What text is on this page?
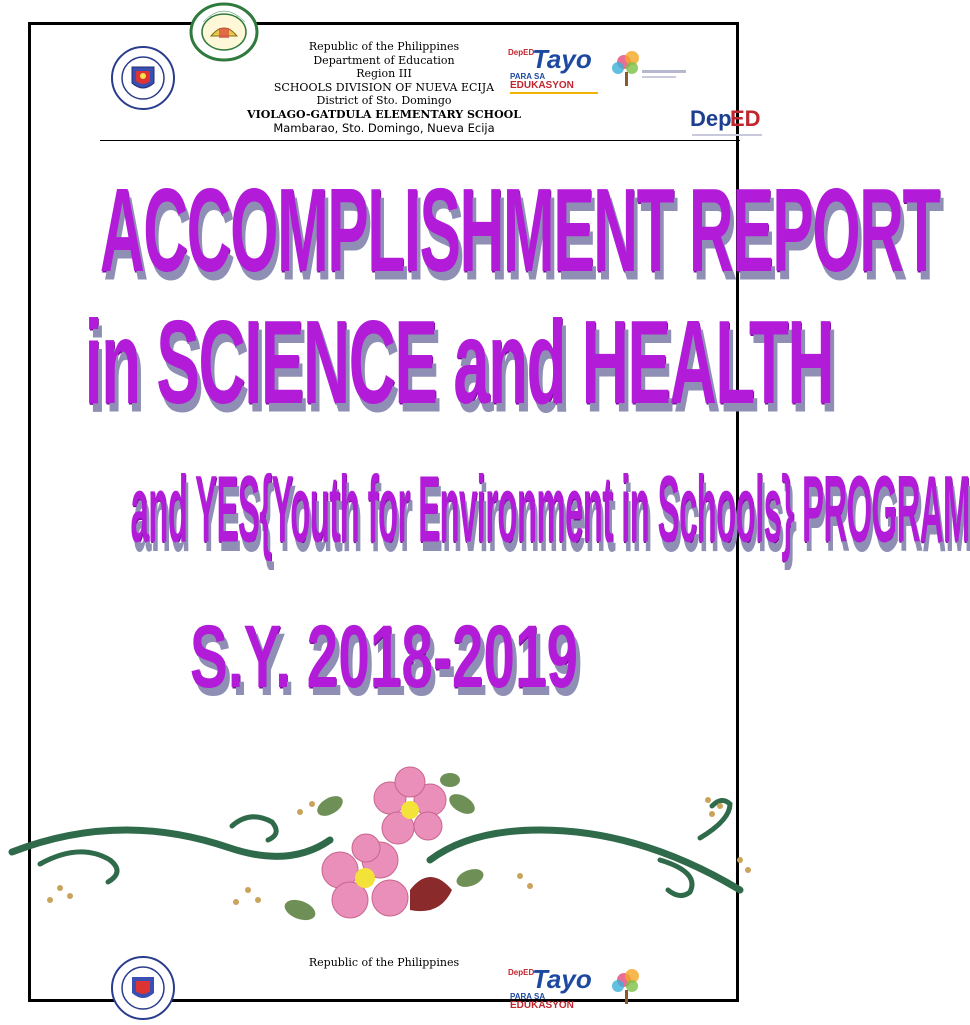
Republic of the Philippines
Department of Education
Region III
SCHOOLS DIVISION OF NUEVA ECIJA
District of Sto. Domingo
VIOLAGO-GATDULA ELEMENTARY SCHOOL
Mambarao, Sto. Domingo, Nueva Ecija
DepED
Tayo
PARA SA
EDUKASYON
Dep
ED
ACCOMPLISHMENT REPORT
in SCIENCE and HEALTH
and YES{Youth for Environment in Schools} PROGRAM
S.Y. 2018-2019
Republic of the Philippines
DepED
Tayo
PARA SA
EDUKASYON
